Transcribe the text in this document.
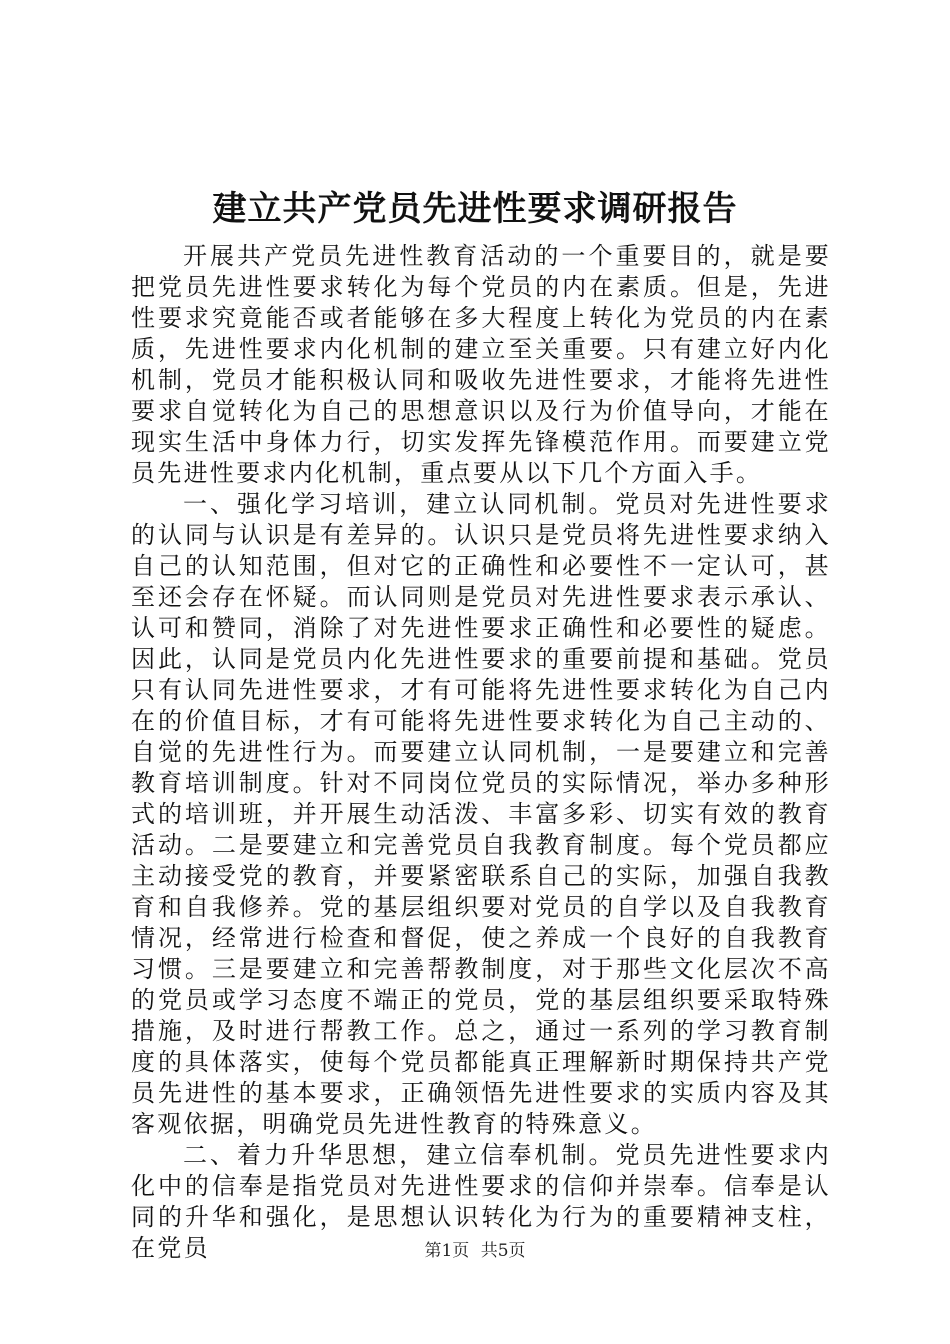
建立共产党员先进性要求调研报告

开展共产党员先进性教育活动的一个重要目的，就是要把党员先进性要求转化为每个党员的内在素质。但是，先进性要求究竟能否或者能够在多大程度上转化为党员的内在素质，先进性要求内化机制的建立至关重要。只有建立好内化机制，党员才能积极认同和吸收先进性要求，才能将先进性要求自觉转化为自己的思想意识以及行为价值导向，才能在现实生活中身体力行，切实发挥先锋模范作用。而要建立党员先进性要求内化机制，重点要从以下几个方面入手。

一、强化学习培训，建立认同机制。党员对先进性要求的认同与认识是有差异的。认识只是党员将先进性要求纳入自己的认知范围，但对它的正确性和必要性不一定认可，甚至还会存在怀疑。而认同则是党员对先进性要求表示承认、认可和赞同，消除了对先进性要求正确性和必要性的疑虑。因此，认同是党员内化先进性要求的重要前提和基础。党员只有认同先进性要求，才有可能将先进性要求转化为自己内在的价值目标，才有可能将先进性要求转化为自己主动的、自觉的先进性行为。而要建立认同机制，一是要建立和完善教育培训制度。针对不同岗位党员的实际情况，举办多种形式的培训班，并开展生动活泼、丰富多彩、切实有效的教育活动。二是要建立和完善党员自我教育制度。每个党员都应主动接受党的教育，并要紧密联系自己的实际，加强自我教育和自我修养。党的基层组织要对党员的自学以及自我教育情况，经常进行检查和督促，使之养成一个良好的自我教育习惯。三是要建立和完善帮教制度，对于那些文化层次不高的党员或学习态度不端正的党员，党的基层组织要采取特殊措施，及时进行帮教工作。总之，通过一系列的学习教育制度的具体落实，使每个党员都能真正理解新时期保持共产党员先进性的基本要求，正确领悟先进性要求的实质内容及其客观依据，明确党员先进性教育的特殊意义。

二、着力升华思想，建立信奉机制。党员先进性要求内化中的信奉是指党员对先进性要求的信仰并崇奉。信奉是认同的升华和强化，是思想认识转化为行为的重要精神支柱，在党员	第1页 共5页
